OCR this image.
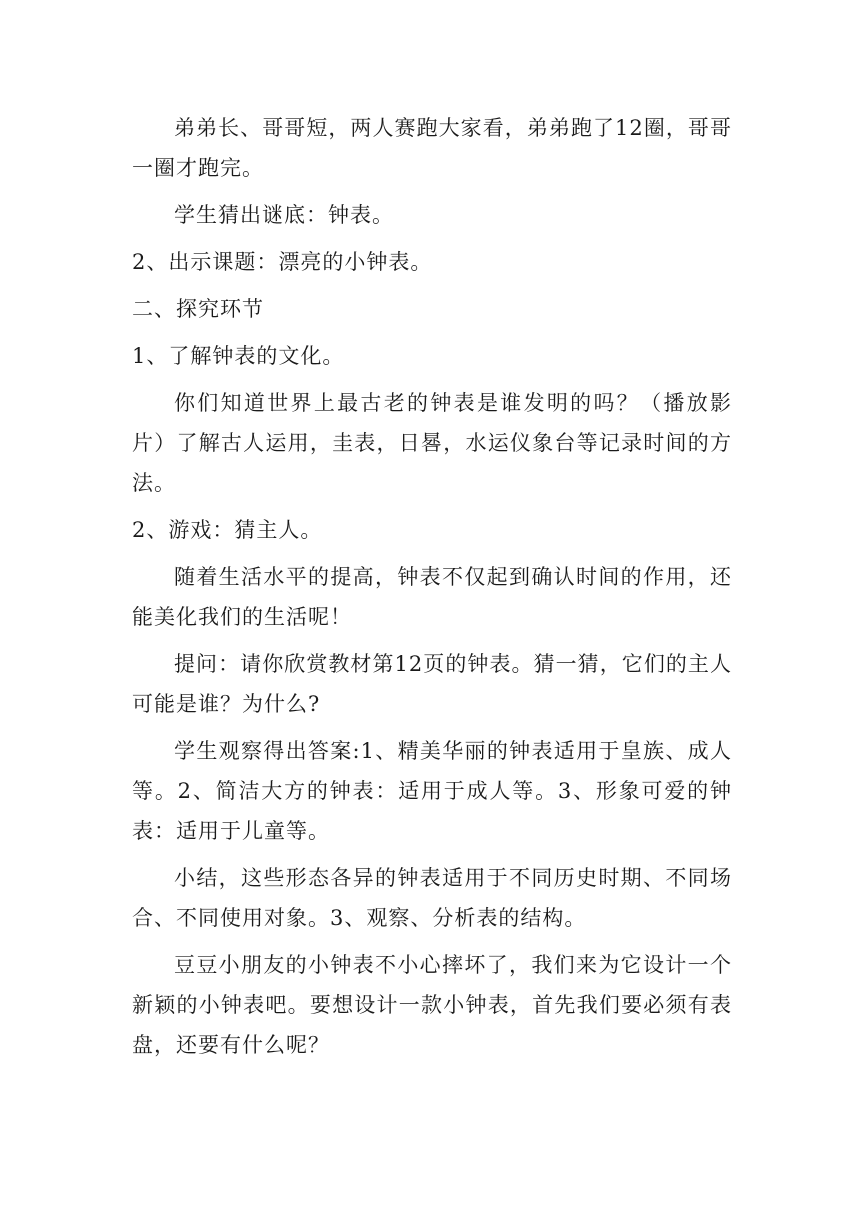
弟弟长、哥哥短，两人赛跑大家看，弟弟跑了12圈，哥哥一圈才跑完。

学生猜出谜底：钟表。

2、出示课题：漂亮的小钟表。

二、探究环节

1、了解钟表的文化。

你们知道世界上最古老的钟表是谁发明的吗？（播放影片）了解古人运用，圭表，日晷，水运仪象台等记录时间的方法。

2、游戏：猜主人。

随着生活水平的提高，钟表不仅起到确认时间的作用，还能美化我们的生活呢！

提问：请你欣赏教材第12页的钟表。猜一猜，它们的主人可能是谁？为什么?

学生观察得出答案:1、精美华丽的钟表适用于皇族、成人等。2、简洁大方的钟表：适用于成人等。3、形象可爱的钟表：适用于儿童等。

小结，这些形态各异的钟表适用于不同历史时期、不同场合、不同使用对象。3、观察、分析表的结构。

豆豆小朋友的小钟表不小心摔坏了，我们来为它设计一个新颖的小钟表吧。要想设计一款小钟表，首先我们要必须有表盘，还要有什么呢？
